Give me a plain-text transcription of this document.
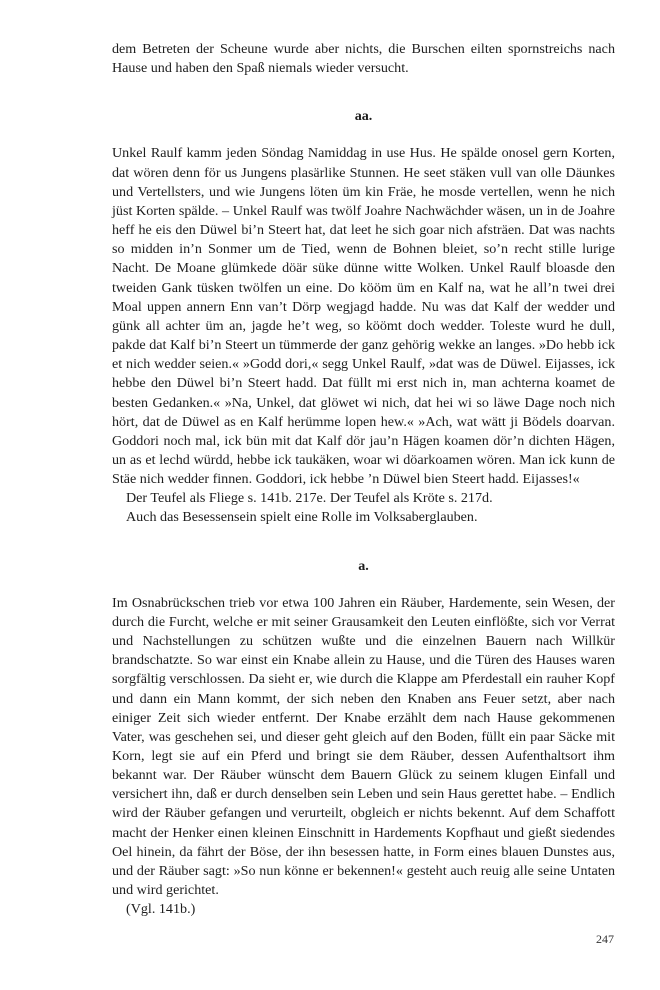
dem Betreten der Scheune wurde aber nichts, die Burschen eilten spornstreichs nach Hause und haben den Spaß niemals wieder versucht.

aa.

Unkel Raulf kamm jeden Söndag Namiddag in use Hus. He spälde onosel gern Korten, dat wören denn för us Jungens plasärlike Stunnen. He seet stäken vull van olle Däunkes und Vertellsters, und wie Jungens löten üm kin Fräe, he mosde vertellen, wenn he nich jüst Korten spälde. – Unkel Raulf was twölf Joahre Nachwächder wäsen, un in de Joahre heff he eis den Düwel bi’n Steert hat, dat leet he sich goar nich afsträen. Dat was nachts so midden in’n Sonmer um de Tied, wenn de Bohnen bleiet, so’n recht stille lurige Nacht. De Moane glümkede döär süke dünne witte Wolken. Unkel Raulf bloasde den tweiden Gank tüsken twölfen un eine. Do kööm üm en Kalf na, wat he all’n twei drei Moal uppen annern Enn van’t Dörp wegjagd hadde. Nu was dat Kalf der wedder und günk all achter üm an, jagde he’t weg, so köömt doch wedder. Toleste wurd he dull, pakde dat Kalf bi’n Steert un tümmerde der ganz gehörig wekke an langes. »Do hebb ick et nich wedder seien.« »Godd dori,« segg Unkel Raulf, »dat was de Düwel. Eijasses, ick hebbe den Düwel bi’n Steert hadd. Dat füllt mi erst nich in, man achterna koamet de besten Gedanken.« »Na, Unkel, dat glöwet wi nich, dat hei wi so läwe Dage noch nich hört, dat de Düwel as en Kalf herümme lopen hew.« »Ach, wat wätt ji Bödels doarvan. Goddori noch mal, ick bün mit dat Kalf dör jau’n Hägen koamen dör’n dichten Hägen, un as et lechd würdd, hebbe ick taukäken, woar wi döarkoamen wören. Man ick kunn de Stäe nich wedder finnen. Goddori, ick hebbe ’n Düwel bien Steert hadd. Eijasses!«

Der Teufel als Fliege s. 141b. 217e. Der Teufel als Kröte s. 217d.

Auch das Besessensein spielt eine Rolle im Volksaberglauben.

a.

Im Osnabrückschen trieb vor etwa 100 Jahren ein Räuber, Hardemente, sein Wesen, der durch die Furcht, welche er mit seiner Grausamkeit den Leuten einflößte, sich vor Verrat und Nachstellungen zu schützen wußte und die einzelnen Bauern nach Willkür brandschatzte. So war einst ein Knabe allein zu Hause, und die Türen des Hauses waren sorgfältig verschlossen. Da sieht er, wie durch die Klappe am Pferdestall ein rauher Kopf und dann ein Mann kommt, der sich neben den Knaben ans Feuer setzt, aber nach einiger Zeit sich wieder entfernt. Der Knabe erzählt dem nach Hause gekommenen Vater, was geschehen sei, und dieser geht gleich auf den Boden, füllt ein paar Säcke mit Korn, legt sie auf ein Pferd und bringt sie dem Räuber, dessen Aufenthaltsort ihm bekannt war. Der Räuber wünscht dem Bauern Glück zu seinem klugen Einfall und versichert ihn, daß er durch denselben sein Leben und sein Haus gerettet habe. – Endlich wird der Räuber gefangen und verurteilt, obgleich er nichts bekennt. Auf dem Schaffott macht der Henker einen kleinen Einschnitt in Hardements Kopfhaut und gießt siedendes Oel hinein, da fährt der Böse, der ihn besessen hatte, in Form eines blauen Dunstes aus, und der Räuber sagt: »So nun könne er bekennen!« gesteht auch reuig alle seine Untaten und wird gerichtet.

(Vgl. 141b.)

247
